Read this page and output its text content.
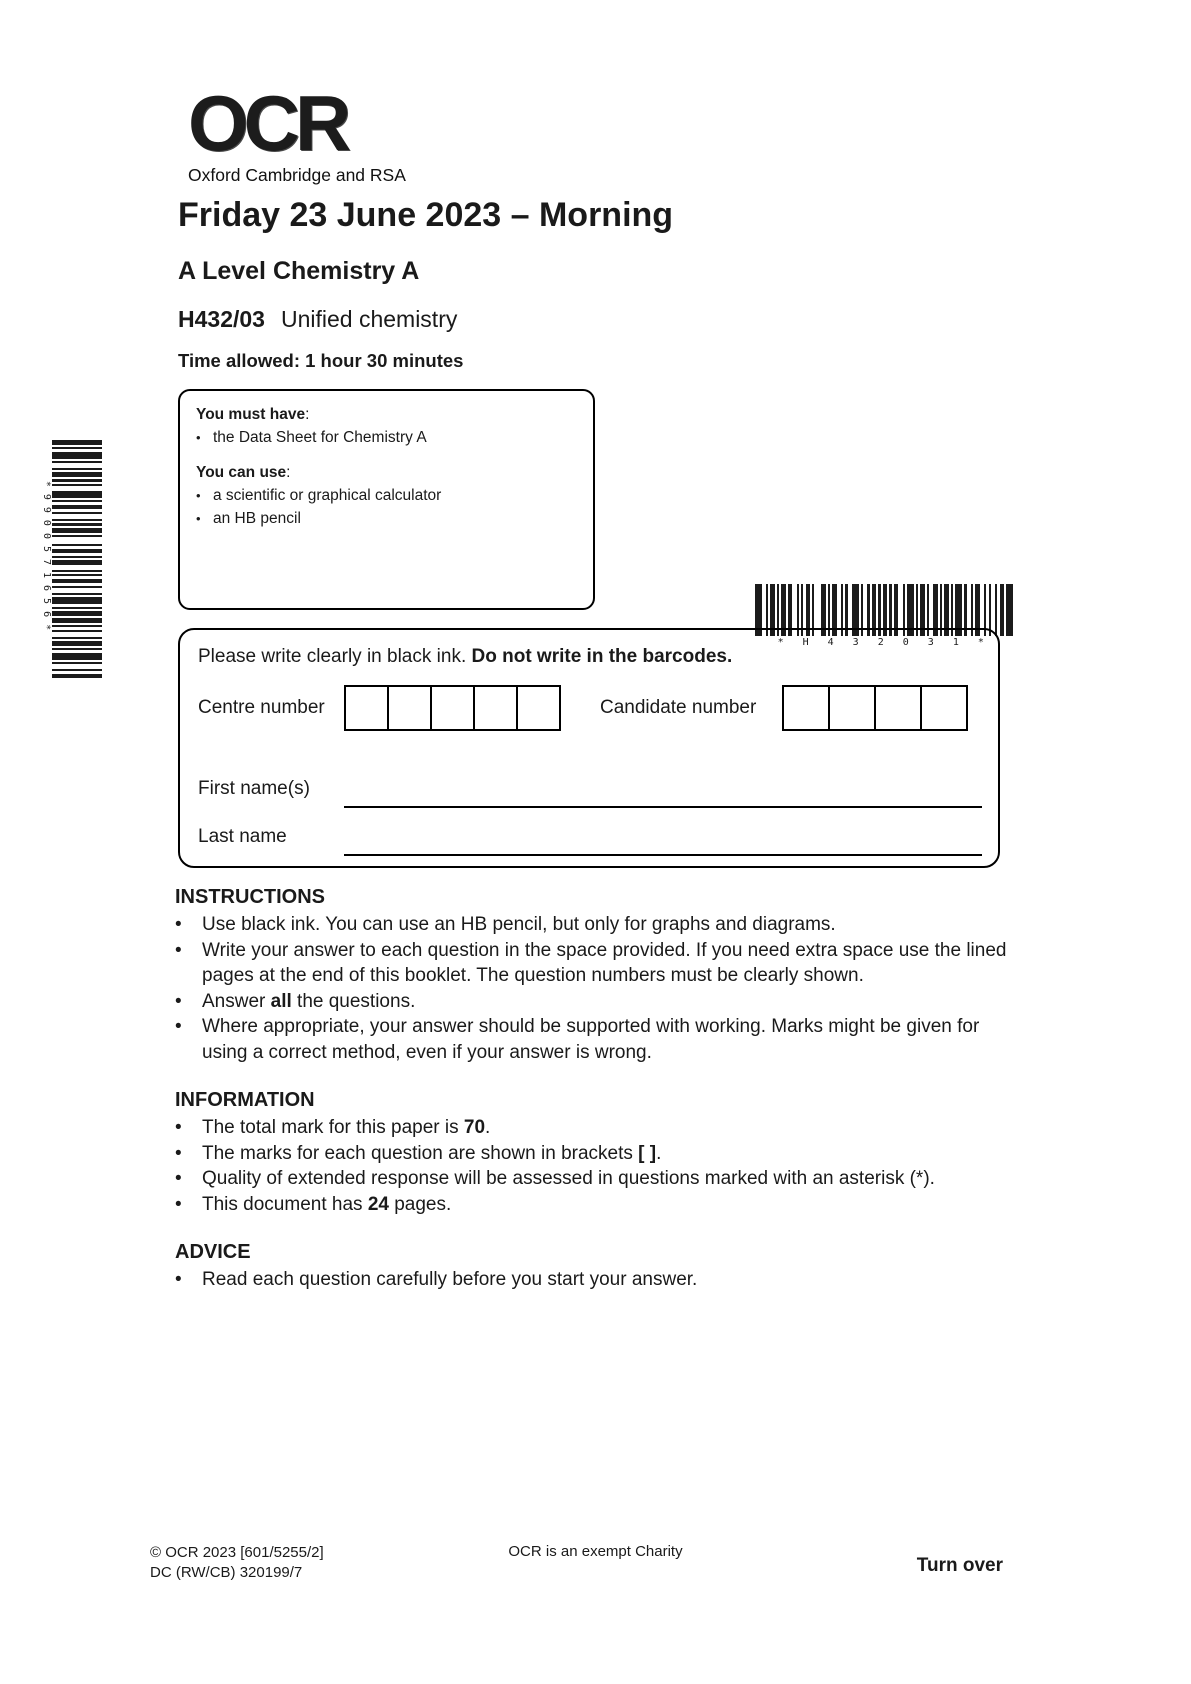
OCR
Oxford Cambridge and RSA
Friday 23 June 2023 – Morning
A Level Chemistry A
H432/03 Unified chemistry
Time allowed: 1 hour 30 minutes
You must have:
• the Data Sheet for Chemistry A
You can use:
• a scientific or graphical calculator
• an HB pencil
*9900571656*
* H 4 3 2 0 3 1 *
Please write clearly in black ink. Do not write in the barcodes.
Centre number	Candidate number
First name(s)
Last name
INSTRUCTIONS
•	Use black ink. You can use an HB pencil, but only for graphs and diagrams.
•	Write your answer to each question in the space provided. If you need extra space use the lined pages at the end of this booklet. The question numbers must be clearly shown.
•	Answer all the questions.
•	Where appropriate, your answer should be supported with working. Marks might be given for using a correct method, even if your answer is wrong.
INFORMATION
•	The total mark for this paper is 70.
•	The marks for each question are shown in brackets [ ].
•	Quality of extended response will be assessed in questions marked with an asterisk (*).
•	This document has 24 pages.
ADVICE
•	Read each question carefully before you start your answer.
© OCR 2023 [601/5255/2]
DC (RW/CB) 320199/7
OCR is an exempt Charity
Turn over
